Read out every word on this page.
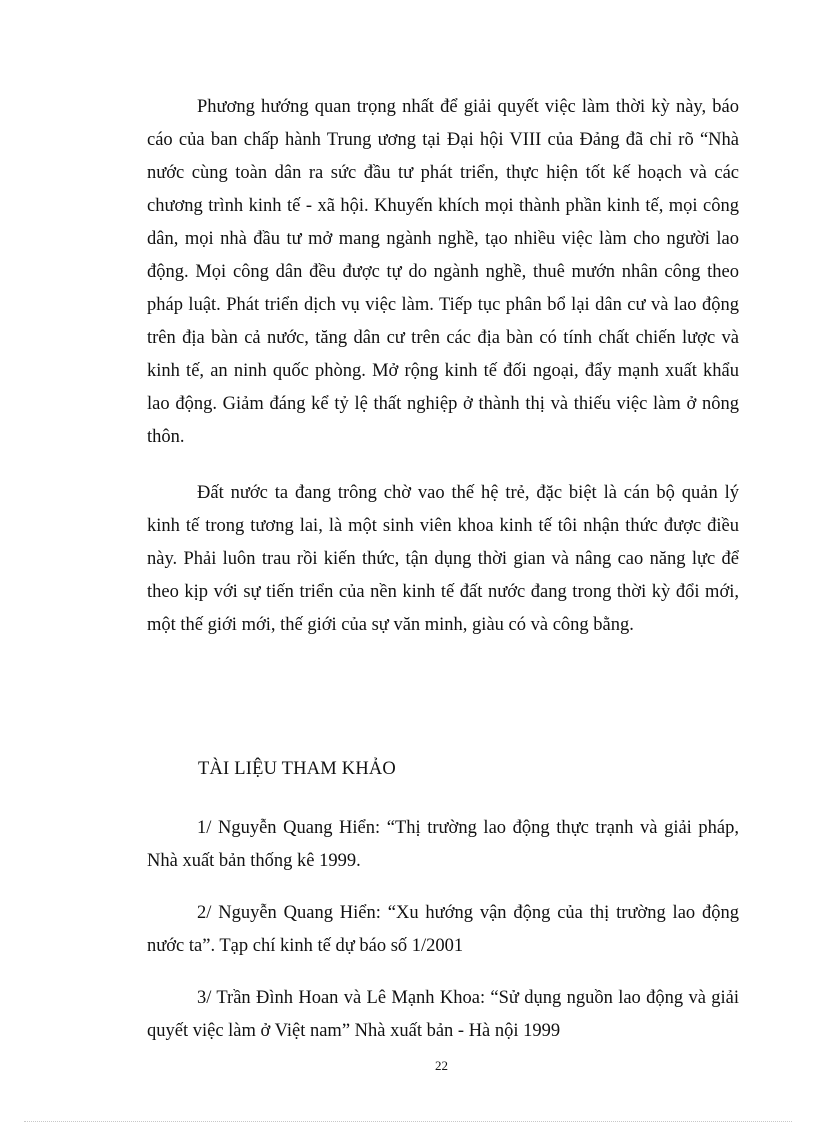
Phương hướng quan trọng nhất để giải quyết việc làm thời kỳ này, báo cáo của ban chấp hành Trung ương tại Đại hội VIII của Đảng đã chỉ rõ “Nhà nước cùng toàn dân ra sức đầu tư phát triển, thực hiện tốt kế hoạch và các chương trình kinh tế - xã hội. Khuyến khích mọi thành phần kinh tế, mọi công dân, mọi nhà đầu tư mở mang ngành nghề, tạo nhiều việc làm cho người lao động. Mọi công dân đều được tự do ngành nghề, thuê mướn nhân công theo pháp luật. Phát triển dịch vụ việc làm. Tiếp tục phân bổ lại dân cư và lao động trên địa bàn cả nước, tăng dân cư trên các địa bàn có tính chất chiến lược và kinh tế, an ninh quốc phòng. Mở rộng kinh tế đối ngoại, đẩy mạnh xuất khẩu lao động. Giảm đáng kể tỷ lệ thất nghiệp ở thành thị và thiếu việc làm ở nông thôn.

Đất nước ta đang trông chờ vao thế hệ trẻ, đặc biệt là cán bộ quản lý kinh tế trong tương lai, là một sinh viên khoa kinh tế tôi nhận thức được điều này. Phải luôn trau rồi kiến thức, tận dụng thời gian và nâng cao năng lực để theo kịp với sự tiến triển của nền kinh tế đất nước đang trong thời kỳ đổi mới, một thế giới mới, thế giới của sự văn minh, giàu có và công bằng.

TÀI LIỆU THAM KHẢO

1/ Nguyễn Quang Hiển: “Thị trường lao động thực trạnh và giải pháp, Nhà xuất bản thống kê 1999.

2/ Nguyễn Quang Hiển: “Xu hướng vận động của thị trường lao động nước ta”. Tạp chí kinh tế dự báo số 1/2001

3/ Trần Đình Hoan và Lê Mạnh Khoa: “Sử dụng nguồn lao động và giải quyết việc làm ở Việt nam” Nhà xuất bản - Hà nội 1999

22
